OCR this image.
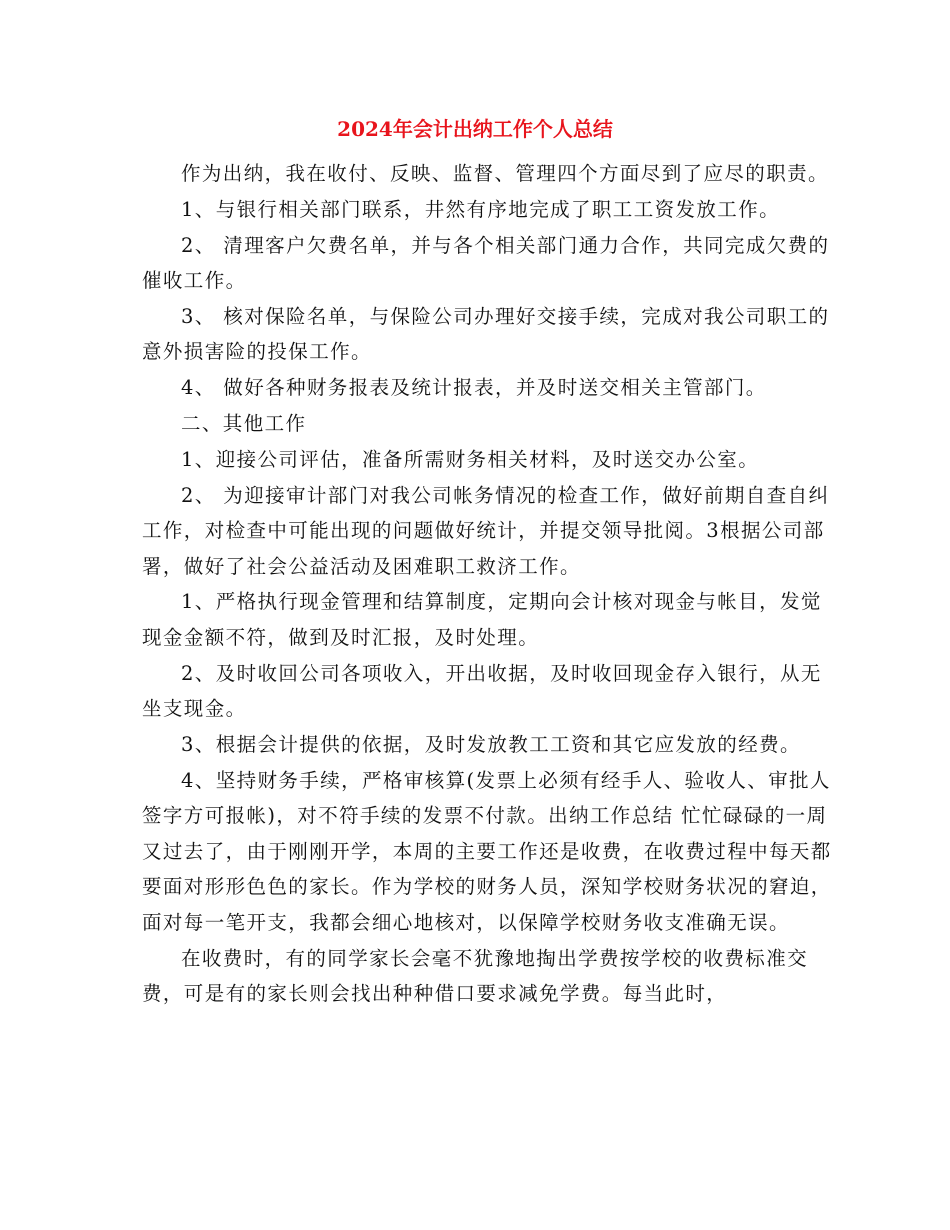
2024年会计出纳工作个人总结

作为出纳，我在收付、反映、监督、管理四个方面尽到了应尽的职责。

1、与银行相关部门联系，井然有序地完成了职工工资发放工作。

2、 清理客户欠费名单，并与各个相关部门通力合作，共同完成欠费的催收工作。

3、 核对保险名单，与保险公司办理好交接手续，完成对我公司职工的意外损害险的投保工作。

4、 做好各种财务报表及统计报表，并及时送交相关主管部门。

二、其他工作

1、迎接公司评估，准备所需财务相关材料，及时送交办公室。

2、 为迎接审计部门对我公司帐务情况的检查工作，做好前期自查自纠工作，对检查中可能出现的问题做好统计，并提交领导批阅。3根据公司部署，做好了社会公益活动及困难职工救济工作。

1、严格执行现金管理和结算制度，定期向会计核对现金与帐目，发觉现金金额不符，做到及时汇报，及时处理。

2、及时收回公司各项收入，开出收据，及时收回现金存入银行，从无坐支现金。

3、根据会计提供的依据，及时发放教工工资和其它应发放的经费。

4、坚持财务手续，严格审核算(发票上必须有经手人、验收人、审批人签字方可报帐)，对不符手续的发票不付款。出纳工作总结 忙忙碌碌的一周又过去了，由于刚刚开学，本周的主要工作还是收费，在收费过程中每天都要面对形形色色的家长。作为学校的财务人员，深知学校财务状况的窘迫，面对每一笔开支，我都会细心地核对，以保障学校财务收支准确无误。

在收费时，有的同学家长会毫不犹豫地掏出学费按学校的收费标准交费，可是有的家长则会找出种种借口要求减免学费。每当此时，
